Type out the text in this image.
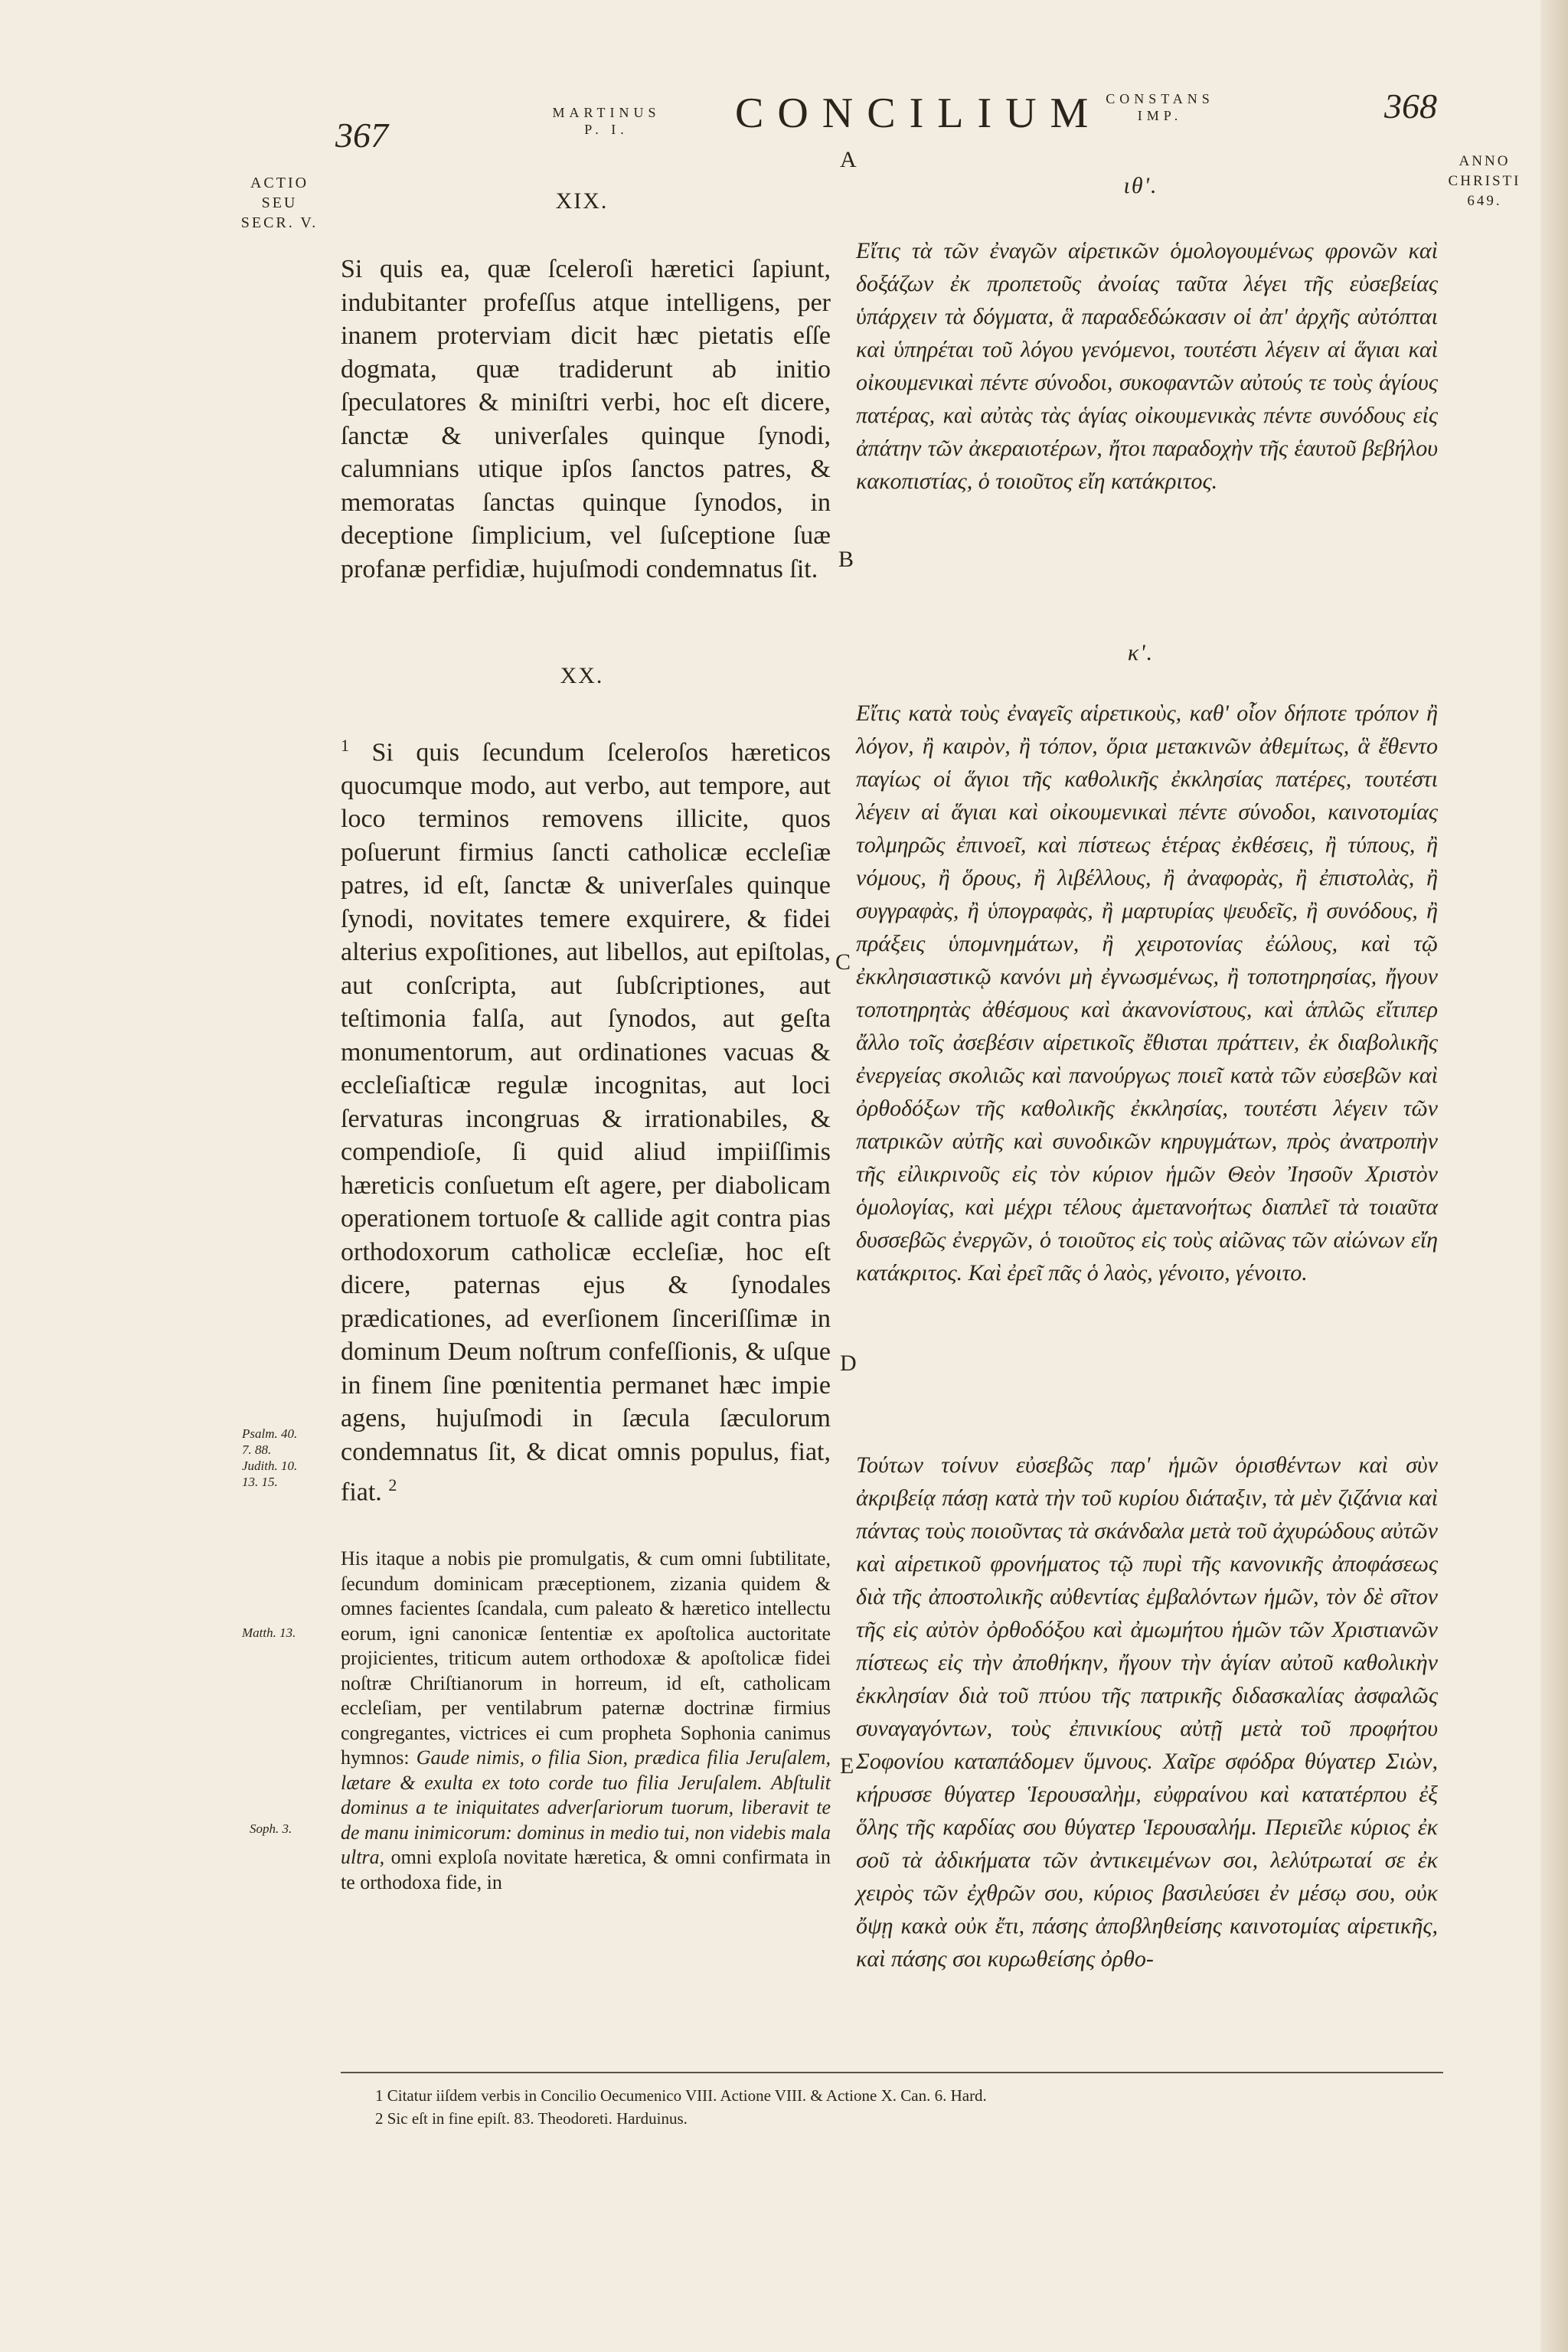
367
MARTINUS
P. I.	CONCILIUM CONSTANS
IMP.	368
ANNO
CHRISTI
649.
ACTIO
SEU
SECR. V.
Psalm. 40.
7. 88.
Judith. 10.
13. 15.
Matth. 13.
Soph. 3.
A
B
C
D
E
XIX.

Si quis ea, quæ ſceleroſi hæretici ſapiunt, indubitanter profeſſus atque intelligens, per inanem proterviam dicit hæc pietatis eſſe dogmata, quæ tradiderunt ab initio ſpeculatores & miniſtri verbi, hoc eſt dicere, ſanctæ & univerſales quinque ſynodi, calumnians utique ipſos ſanctos patres, & memoratas ſanctas quinque ſynodos, in deceptione ſimplicium, vel ſuſceptione ſuæ profanæ perfidiæ, hujuſmodi condemnatus ſit.

ιθ'.

Εἴτις τὰ τῶν ἐναγῶν αἱρετικῶν ὁμολογουμένως φρονῶν καὶ δοξάζων ἐκ προπετοῦς ἀνοίας ταῦτα λέγει τῆς εὐσεβείας ὑπάρχειν τὰ δόγματα, ἃ παραδεδώκασιν οἱ ἀπ' ἀρχῆς αὐτόπται καὶ ὑπηρέται τοῦ λόγου γενόμενοι, τουτέστι λέγειν αἱ ἅγιαι καὶ οἰκουμενικαὶ πέντε σύνοδοι, συκοφαντῶν αὐτούς τε τοὺς ἁγίους πατέρας, καὶ αὐτὰς τὰς ἁγίας οἰκουμενικὰς πέντε συνόδους εἰς ἀπάτην τῶν ἀκεραιοτέρων, ἤτοι παραδοχὴν τῆς ἑαυτοῦ βεβήλου κακοπιστίας, ὁ τοιοῦτος εἴη κατάκριτος.

XX.

$^1$ Si quis ſecundum ſceleroſos hæreticos quocumque modo, aut verbo, aut tempore, aut loco terminos removens illicite, quos poſuerunt firmius ſancti catholicæ eccleſiæ patres, id eſt, ſanctæ & univerſales quinque ſynodi, novitates temere exquirere, & fidei alterius expoſitiones, aut libellos, aut epiſtolas, aut conſcripta, aut ſubſcriptiones, aut teſtimonia falſa, aut ſynodos, aut geſta monumentorum, aut ordinationes vacuas & eccleſiaſticæ regulæ incognitas, aut loci ſervaturas incongruas & irrationabiles, & compendioſe, ſi quid aliud impiiſſimis hæreticis conſuetum eſt agere, per diabolicam operationem tortuoſe & callide agit contra pias orthodoxorum catholicæ eccleſiæ, hoc eſt dicere, paternas ejus & ſynodales prædicationes, ad everſionem ſinceriſſimæ in dominum Deum noſtrum confeſſionis, & uſque in finem ſine pœnitentia permanet hæc impie agens, hujuſmodi in ſæcula ſæculorum condemnatus ſit, & dicat omnis populus, fiat, fiat. $^2$

κ'.

Εἴτις κατὰ τοὺς ἐναγεῖς αἱρετικοὺς, καθ' οἷον δήποτε τρόπον ἢ λόγον, ἢ καιρὸν, ἢ τόπον, ὅρια μετακινῶν ἀθεμίτως, ἃ ἔθεντο παγίως οἱ ἅγιοι τῆς καθολικῆς ἐκκλησίας πατέρες, τουτέστι λέγειν αἱ ἅγιαι καὶ οἰκουμενικαὶ πέντε σύνοδοι, καινοτομίας τολμηρῶς ἐπινοεῖ, καὶ πίστεως ἑτέρας ἐκθέσεις, ἢ τύπους, ἢ νόμους, ἢ ὅρους, ἢ λιβέλλους, ἢ ἀναφορὰς, ἢ ἐπιστολὰς, ἢ συγγραφὰς, ἢ ὑπογραφὰς, ἢ μαρτυρίας ψευδεῖς, ἢ συνόδους, ἢ πράξεις ὑπομνημάτων, ἢ χειροτονίας ἐώλους, καὶ τῷ ἐκκλησιαστικῷ κανόνι μὴ ἐγνωσμένως, ἢ τοποτηρησίας, ἤγουν τοποτηρητὰς ἀθέσμους καὶ ἀκανονίστους, καὶ ἁπλῶς εἴτιπερ ἄλλο τοῖς ἀσεβέσιν αἱρετικοῖς ἔθισται πράττειν, ἐκ διαβολικῆς ἐνεργείας σκολιῶς καὶ πανούργως ποιεῖ κατὰ τῶν εὐσεβῶν καὶ ὀρθοδόξων τῆς καθολικῆς ἐκκλησίας, τουτέστι λέγειν τῶν πατρικῶν αὐτῆς καὶ συνοδικῶν κηρυγμάτων, πρὸς ἀνατροπὴν τῆς εἰλικρινοῦς εἰς τὸν κύριον ἡμῶν Θεὸν Ἰησοῦν Χριστὸν ὁμολογίας, καὶ μέχρι τέλους ἀμετανοήτως διαπλεῖ τὰ τοιαῦτα δυσσεβῶς ἐνεργῶν, ὁ τοιοῦτος εἰς τοὺς αἰῶνας τῶν αἰώνων εἴη κατάκριτος. Καὶ ἐρεῖ πᾶς ὁ λαὸς, γένοιτο, γένοιτο.

His itaque a nobis pie promulgatis, & cum omni ſubtilitate, ſecundum dominicam præceptionem, zizania quidem & omnes facientes ſcandala, cum paleato & hæretico intellectu eorum, igni canonicæ ſententiæ ex apoſtolica auctoritate projicientes, triticum autem orthodoxæ & apoſtolicæ fidei noſtræ Chriſtianorum in horreum, id eſt, catholicam eccleſiam, per ventilabrum paternæ doctrinæ firmius congregantes, victrices ei cum propheta Sophonia canimus hymnos: Gaude nimis, o filia Sion, prædica filia Jeruſalem, lætare & exulta ex toto corde tuo filia Jeruſalem. Abſtulit dominus a te iniquitates adverſariorum tuorum, liberavit te de manu inimicorum: dominus in medio tui, non videbis mala ultra, omni exploſa novitate hæretica, & omni confirmata in te orthodoxa fide, in

Τούτων τοίνυν εὐσεβῶς παρ' ἡμῶν ὁρισθέντων καὶ σὺν ἀκριβείᾳ πάσῃ κατὰ τὴν τοῦ κυρίου διάταξιν, τὰ μὲν ζιζάνια καὶ πάντας τοὺς ποιοῦντας τὰ σκάνδαλα μετὰ τοῦ ἀχυρώδους αὐτῶν καὶ αἱρετικοῦ φρονήματος τῷ πυρὶ τῆς κανονικῆς ἀποφάσεως διὰ τῆς ἀποστολικῆς αὐθεντίας ἐμβαλόντων ἡμῶν, τὸν δὲ σῖτον τῆς εἰς αὐτὸν ὀρθοδόξου καὶ ἀμωμήτου ἡμῶν τῶν Χριστιανῶν πίστεως εἰς τὴν ἀποθήκην, ἤγουν τὴν ἁγίαν αὐτοῦ καθολικὴν ἐκκλησίαν διὰ τοῦ πτύου τῆς πατρικῆς διδασκαλίας ἀσφαλῶς συναγαγόντων, τοὺς ἐπινικίους αὐτῇ μετὰ τοῦ προφήτου Σοφονίου καταπάδομεν ὕμνους. Χαῖρε σφόδρα θύγατερ Σιὼν, κήρυσσε θύγατερ Ἱερουσαλὴμ, εὐφραίνου καὶ κατατέρπου ἐξ ὅλης τῆς καρδίας σου θύγατερ Ἱερουσαλήμ. Περιεῖλε κύριος ἐκ σοῦ τὰ ἀδικήματα τῶν ἀντικειμένων σοι, λελύτρωταί σε ἐκ χειρὸς τῶν ἐχθρῶν σου, κύριος βασιλεύσει ἐν μέσῳ σου, οὐκ ὄψῃ κακὰ οὐκ ἔτι, πάσης ἀποβληθείσης καινοτομίας αἱρετικῆς, καὶ πάσης σοι κυρωθείσης ὀρθο-

1 Citatur iiſdem verbis in Concilio Oecumenico VIII. Actione VIII. & Actione X. Can. 6. Hard.
2 Sic eſt in fine epiſt. 83. Theodoreti. Harduinus.
